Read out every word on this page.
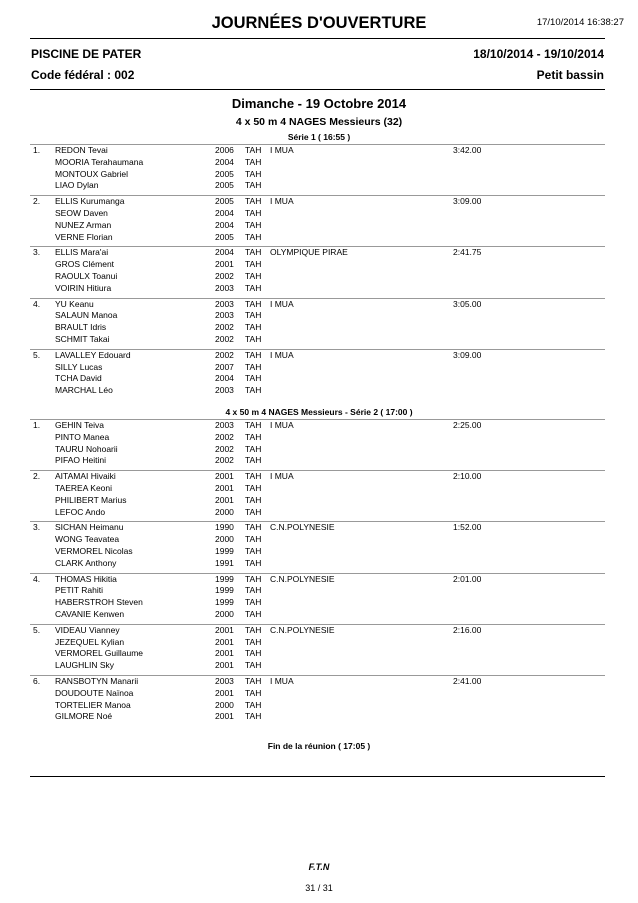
JOURNÉES D'OUVERTURE	17/10/2014 16:38:27
PISCINE DE PATER	18/10/2014 - 19/10/2014
Code fédéral : 002	Petit bassin
Dimanche - 19 Octobre 2014
4 x 50 m 4 NAGES Messieurs (32)
Série 1 ( 16:55 )
1. REDON Tevai	2006 TAH I MUA	3:42.00
MOORIA Terahaumana	2004 TAH
MONTOUX Gabriel	2005 TAH
LIAO Dylan	2005 TAH
2. ELLIS Kurumanga	2005 TAH I MUA	3:09.00
SEOW Daven	2004 TAH
NUNEZ Arman	2004 TAH
VERNE Florian	2005 TAH
3. ELLIS Mara'ai	2004 TAH OLYMPIQUE PIRAE	2:41.75
GROS Clément	2001 TAH
RAOULX Toanui	2002 TAH
VOIRIN Hitiura	2003 TAH
4. YU Keanu	2003 TAH I MUA	3:05.00
SALAUN Manoa	2003 TAH
BRAULT Idris	2002 TAH
SCHMIT Takai	2002 TAH
5. LAVALLEY Edouard	2002 TAH I MUA	3:09.00
SILLY Lucas	2007 TAH
TCHA David	2004 TAH
MARCHAL Léo	2003 TAH
4 x 50 m 4 NAGES Messieurs - Série 2 ( 17:00 )
1. GEHIN Teiva	2003 TAH I MUA	2:25.00
PINTO Manea	2002 TAH
TAURU Nohoarii	2002 TAH
PIFAO Heitini	2002 TAH
2. AITAMAI Hivaiki	2001 TAH I MUA	2:10.00
TAEREA Keoni	2001 TAH
PHILIBERT Marius	2001 TAH
LEFOC Ando	2000 TAH
3. SICHAN Heimanu	1990 TAH C.N.POLYNESIE	1:52.00
WONG Teavatea	2000 TAH
VERMOREL Nicolas	1999 TAH
CLARK Anthony	1991 TAH
4. THOMAS Hikitia	1999 TAH C.N.POLYNESIE	2:01.00
PETIT Rahiti	1999 TAH
HABERSTROH Steven	1999 TAH
CAVANIE Kenwen	2000 TAH
5. VIDEAU Vianney	2001 TAH C.N.POLYNESIE	2:16.00
JEZEQUEL Kylian	2001 TAH
VERMOREL Guillaume	2001 TAH
LAUGHLIN Sky	2001 TAH
6. RANSBOTYN Manarii	2003 TAH I MUA	2:41.00
DOUDOUTE Naïnoa	2001 TAH
TORTELIER Manoa	2000 TAH
GILMORE Noé	2001 TAH
Fin de la réunion ( 17:05 )
F.T.N
31 / 31
